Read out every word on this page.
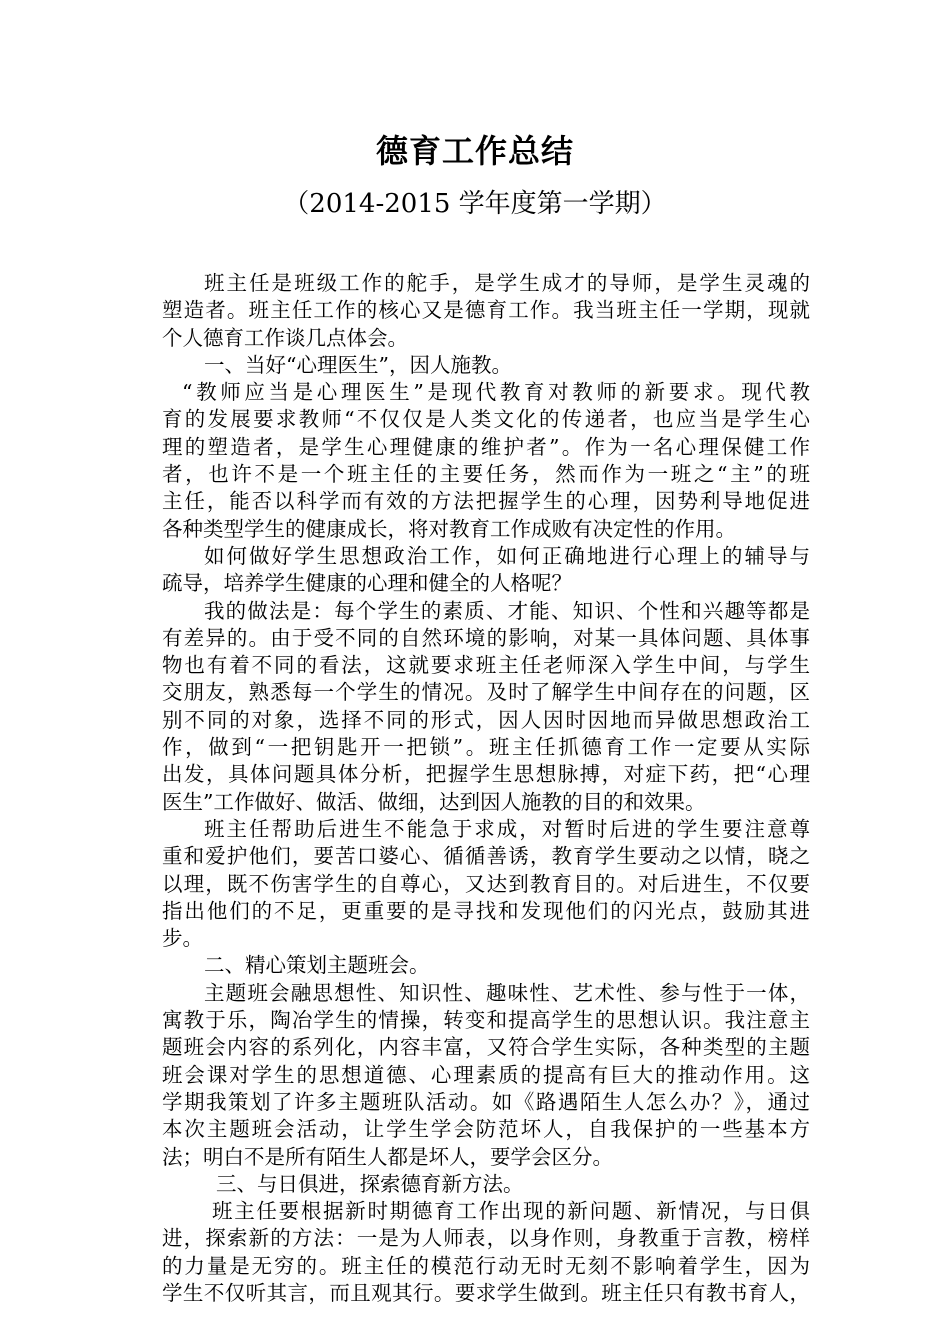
德育工作总结
（2014-2015 学年度第一学期）
班主任是班级工作的舵手，是学生成才的导师，是学生灵魂的
塑造者。班主任工作的核心又是德育工作。我当班主任一学期，现就
个人德育工作谈几点体会。
一、当好“心理医生”，因人施教。
“教师应当是心理医生”是现代教育对教师的新要求。现代教
育的发展要求教师“不仅仅是人类文化的传递者，也应当是学生心
理的塑造者，是学生心理健康的维护者”。作为一名心理保健工作
者，也许不是一个班主任的主要任务，然而作为一班之“主”的班
主任，能否以科学而有效的方法把握学生的心理，因势利导地促进
各种类型学生的健康成长，将对教育工作成败有决定性的作用。
如何做好学生思想政治工作，如何正确地进行心理上的辅导与
疏导，培养学生健康的心理和健全的人格呢？
我的做法是：每个学生的素质、才能、知识、个性和兴趣等都是
有差异的。由于受不同的自然环境的影响，对某一具体问题、具体事
物也有着不同的看法，这就要求班主任老师深入学生中间，与学生
交朋友，熟悉每一个学生的情况。及时了解学生中间存在的问题，区
别不同的对象，选择不同的形式，因人因时因地而异做思想政治工
作，做到“一把钥匙开一把锁”。班主任抓德育工作一定要从实际
出发，具体问题具体分析，把握学生思想脉搏，对症下药，把“心理
医生”工作做好、做活、做细，达到因人施教的目的和效果。
班主任帮助后进生不能急于求成，对暂时后进的学生要注意尊
重和爱护他们，要苦口婆心、循循善诱，教育学生要动之以情，晓之
以理，既不伤害学生的自尊心，又达到教育目的。对后进生，不仅要
指出他们的不足，更重要的是寻找和发现他们的闪光点，鼓励其进
步。
二、精心策划主题班会。
主题班会融思想性、知识性、趣味性、艺术性、参与性于一体，
寓教于乐，陶冶学生的情操，转变和提高学生的思想认识。我注意主
题班会内容的系列化，内容丰富，又符合学生实际，各种类型的主题
班会课对学生的思想道德、心理素质的提高有巨大的推动作用。这
学期我策划了许多主题班队活动。如《路遇陌生人怎么办？》，通过
本次主题班会活动，让学生学会防范坏人，自我保护的一些基本方
法；明白不是所有陌生人都是坏人，要学会区分。
三、与日俱进，探索德育新方法。
班主任要根据新时期德育工作出现的新问题、新情况，与日俱
进，探索新的方法：一是为人师表，以身作则，身教重于言教，榜样
的力量是无穷的。班主任的模范行动无时无刻不影响着学生，因为
学生不仅听其言，而且观其行。要求学生做到。班主任只有教书育人，
